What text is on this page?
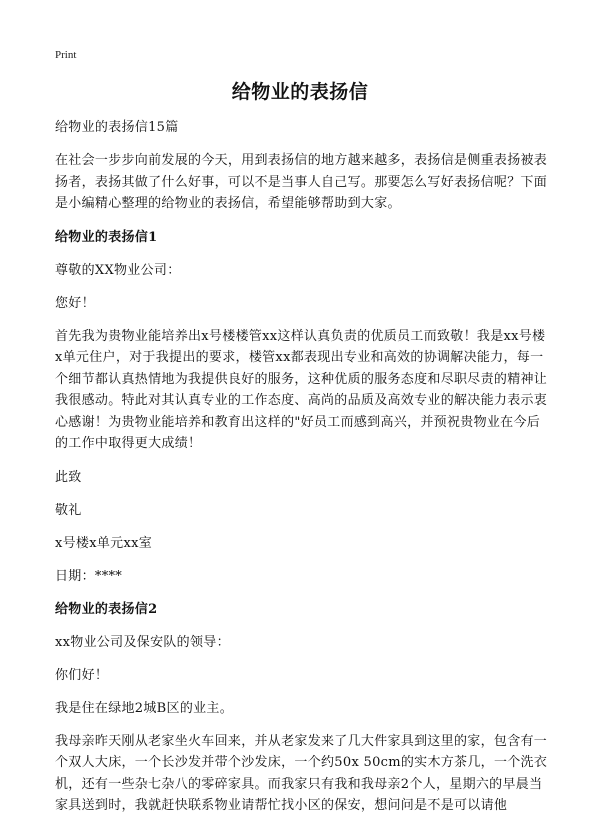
Print
给物业的表扬信
给物业的表扬信15篇
在社会一步步向前发展的今天，用到表扬信的地方越来越多，表扬信是侧重表扬被表扬者，表扬其做了什么好事，可以不是当事人自己写。那要怎么写好表扬信呢？下面是小编精心整理的给物业的表扬信，希望能够帮助到大家。
给物业的表扬信1
尊敬的XX物业公司：
您好！
首先我为贵物业能培养出x号楼楼管xx这样认真负责的优质员工而致敬！我是xx号楼x单元住户，对于我提出的要求，楼管xx都表现出专业和高效的协调解决能力，每一个细节都认真热情地为我提供良好的服务，这种优质的服务态度和尽职尽责的精神让我很感动。特此对其认真专业的工作态度、高尚的品质及高效专业的解决能力表示衷心感谢！为贵物业能培养和教育出这样的"好员工而感到高兴，并预祝贵物业在今后的工作中取得更大成绩！
此致
敬礼
x号楼x单元xx室
日期：****
给物业的表扬信2
xx物业公司及保安队的领导：
你们好！
我是住在绿地2城B区的业主。
我母亲昨天刚从老家坐火车回来，并从老家发来了几大件家具到这里的家，包含有一个双人大床，一个长沙发并带个沙发床，一个约50x 50cm的实木方茶几，一个洗衣机，还有一些杂七杂八的零碎家具。而我家只有我和我母亲2个人，星期六的早晨当家具送到时，我就赶快联系物业请帮忙找小区的保安，想问问是不是可以请他
